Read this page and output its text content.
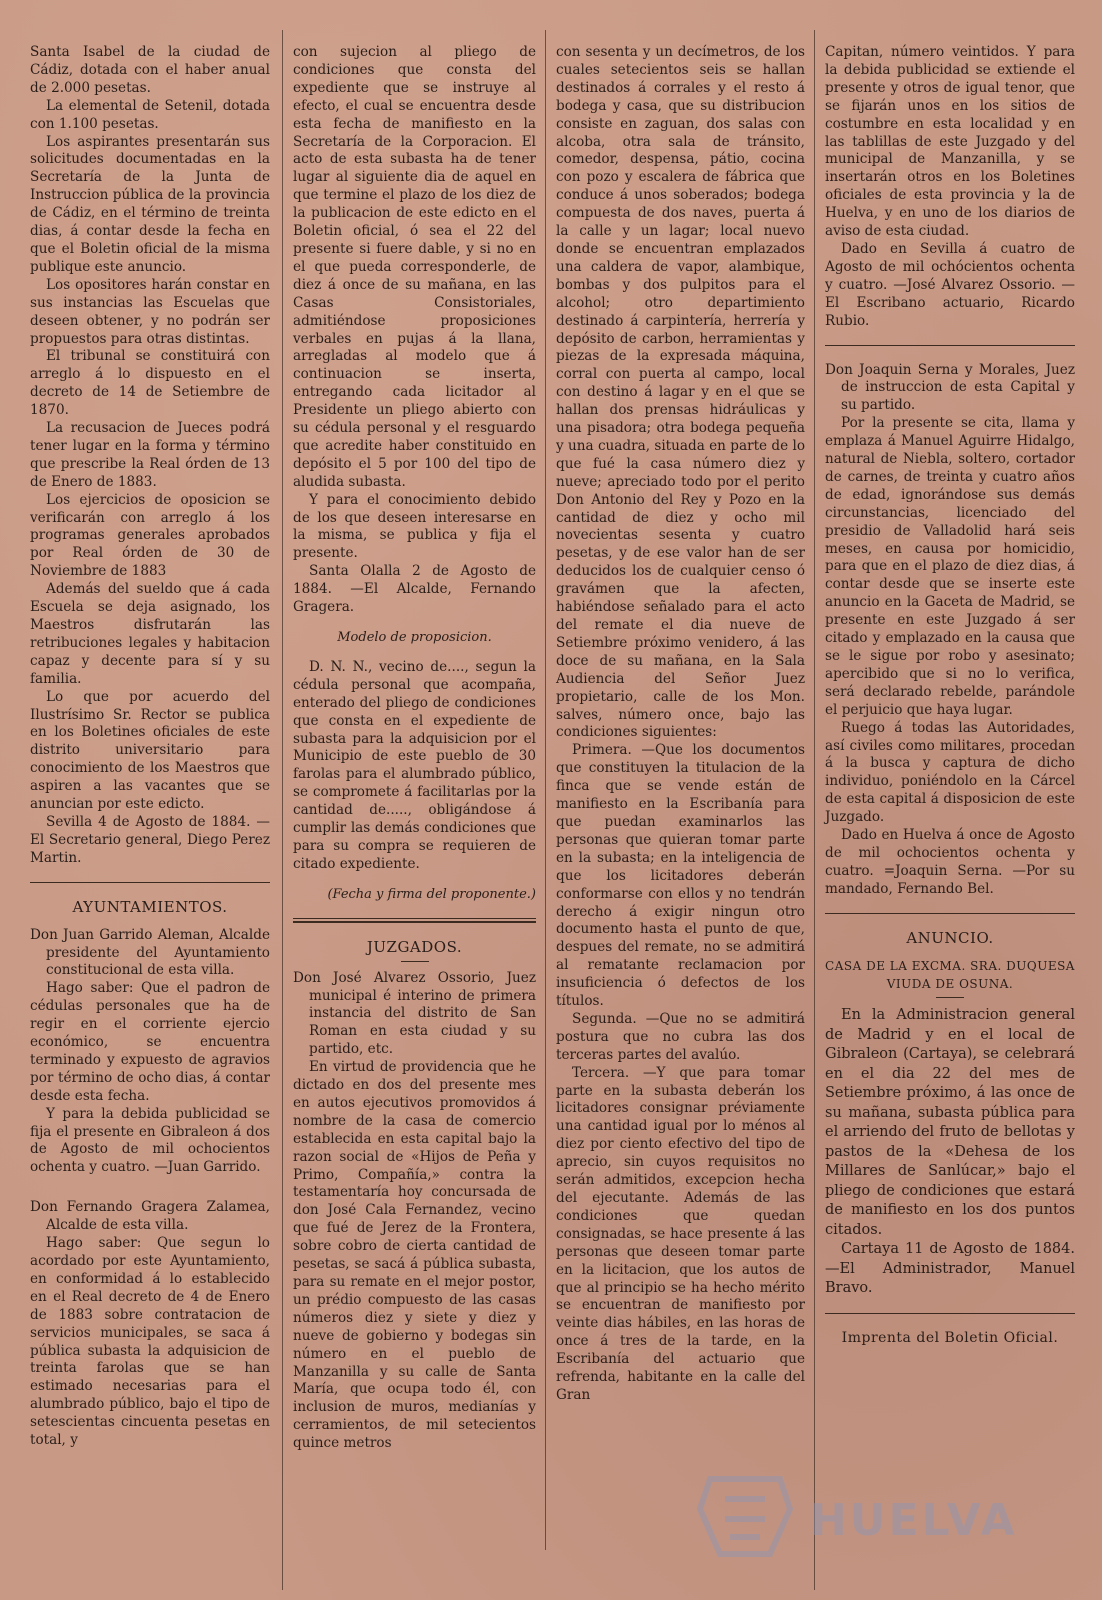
Santa Isabel de la ciudad de Cádiz, dotada con el haber anual de 2.000 pesetas.

La elemental de Setenil, dotada con 1.100 pesetas.

Los aspirantes presentarán sus solicitudes documentadas en la Secretaría de la Junta de Instruccion pública de la provincia de Cádiz, en el término de treinta dias, á contar desde la fecha en que el Boletin oficial de la misma publique este anuncio.

Los opositores harán constar en sus instancias las Escuelas que deseen obtener, y no podrán ser propuestos para otras distintas.

El tribunal se constituirá con arreglo á lo dispuesto en el decreto de 14 de Setiembre de 1870.

La recusacion de Jueces podrá tener lugar en la forma y término que prescribe la Real órden de 13 de Enero de 1883.

Los ejercicios de oposicion se verificarán con arreglo á los programas generales aprobados por Real órden de 30 de Noviembre de 1883

Además del sueldo que á cada Escuela se deja asignado, los Maestros disfrutarán las retribuciones legales y habitacion capaz y decente para sí y su familia.

Lo que por acuerdo del Ilustrísimo Sr. Rector se publica en los Boletines oficiales de este distrito universitario para conocimiento de los Maestros que aspiren a las vacantes que se anuncian por este edicto.

Sevilla 4 de Agosto de 1884. —El Secretario general, Diego Perez Martin.

AYUNTAMIENTOS.

Don Juan Garrido Aleman, Alcalde presidente del Ayuntamiento constitucional de esta villa.

Hago saber: Que el padron de cédulas personales que ha de regir en el corriente ejercio económico, se encuentra terminado y expuesto de agravios por término de ocho dias, á contar desde esta fecha.

Y para la debida publicidad se fija el presente en Gibraleon á dos de Agosto de mil ochocientos ochenta y cuatro. —Juan Garrido.

Don Fernando Gragera Zalamea, Alcalde de esta villa.

Hago saber: Que segun lo acordado por este Ayuntamiento, en conformidad á lo establecido en el Real decreto de 4 de Enero de 1883 sobre contratacion de servicios municipales, se saca á pública subasta la adquisicion de treinta farolas que se han estimado necesarias para el alumbrado público, bajo el tipo de setescientas cincuenta pesetas en total, y

con sujecion al pliego de condiciones que consta del expediente que se instruye al efecto, el cual se encuentra desde esta fecha de manifiesto en la Secretaría de la Corporacion. El acto de esta subasta ha de tener lugar al siguiente dia de aquel en que termine el plazo de los diez de la publicacion de este edicto en el Boletin oficial, ó sea el 22 del presente si fuere dable, y si no en el que pueda corresponderle, de diez á once de su mañana, en las Casas Consistoriales, admitiéndose proposiciones verbales en pujas á la llana, arregladas al modelo que á continuacion se inserta, entregando cada licitador al Presidente un pliego abierto con su cédula personal y el resguardo que acredite haber constituido en depósito el 5 por 100 del tipo de aludida subasta.

Y para el conocimiento debido de los que deseen interesarse en la misma, se publica y fija el presente.

Santa Olalla 2 de Agosto de 1884. —El Alcalde, Fernando Gragera.

Modelo de proposicion.

D. N. N., vecino de...., segun la cédula personal que acompaña, enterado del pliego de condiciones que consta en el expediente de subasta para la adquisicion por el Municipio de este pueblo de 30 farolas para el alumbrado público, se compromete á facilitarlas por la cantidad de....., obligándose á cumplir las demás condiciones que para su compra se requieren de citado expediente.

(Fecha y firma del proponente.)

JUZGADOS.

Don José Alvarez Ossorio, Juez municipal é interino de primera instancia del distrito de San Roman en esta ciudad y su partido, etc.

En virtud de providencia que he dictado en dos del presente mes en autos ejecutivos promovidos á nombre de la casa de comercio establecida en esta capital bajo la razon social de «Hijos de Peña y Primo, Compañía,» contra la testamentaría hoy concursada de don José Cala Fernandez, vecino que fué de Jerez de la Frontera, sobre cobro de cierta cantidad de pesetas, se sacá á pública subasta, para su remate en el mejor postor, un prédio compuesto de las casas números diez y siete y diez y nueve de gobierno y bodegas sin número en el pueblo de Manzanilla y su calle de Santa María, que ocupa todo él, con inclusion de muros, medianías y cerramientos, de mil setecientos quince metros

con sesenta y un decímetros, de los cuales setecientos seis se hallan destinados á corrales y el resto á bodega y casa, que su distribucion consiste en zaguan, dos salas con alcoba, otra sala de tránsito, comedor, despensa, pátio, cocina con pozo y escalera de fábrica que conduce á unos soberados; bodega compuesta de dos naves, puerta á la calle y un lagar; local nuevo donde se encuentran emplazados una caldera de vapor, alambique, bombas y dos pulpitos para el alcohol; otro departimiento destinado á carpintería, herrería y depósito de carbon, herramientas y piezas de la expresada máquina, corral con puerta al campo, local con destino á lagar y en el que se hallan dos prensas hidráulicas y una pisadora; otra bodega pequeña y una cuadra, situada en parte de lo que fué la casa número diez y nueve; apreciado todo por el perito Don Antonio del Rey y Pozo en la cantidad de diez y ocho mil novecientas sesenta y cuatro pesetas, y de ese valor han de ser deducidos los de cualquier censo ó gravámen que la afecten, habiéndose señalado para el acto del remate el dia nueve de Setiembre próximo venidero, á las doce de su mañana, en la Sala Audiencia del Señor Juez propietario, calle de los Mon. salves, número once, bajo las condiciones siguientes:

Primera. —Que los documentos que constituyen la titulacion de la finca que se vende están de manifiesto en la Escribanía para que puedan examinarlos las personas que quieran tomar parte en la subasta; en la inteligencia de que los licitadores deberán conformarse con ellos y no tendrán derecho á exigir ningun otro documento hasta el punto de que, despues del remate, no se admitirá al rematante reclamacion por insuficiencia ó defectos de los títulos.

Segunda. —Que no se admitirá postura que no cubra las dos terceras partes del avalúo.

Tercera. —Y que para tomar parte en la subasta deberán los licitadores consignar préviamente una cantidad igual por lo ménos al diez por ciento efectivo del tipo de aprecio, sin cuyos requisitos no serán admitidos, excepcion hecha del ejecutante. Además de las condiciones que quedan consignadas, se hace presente á las personas que deseen tomar parte en la licitacion, que los autos de que al principio se ha hecho mérito se encuentran de manifiesto por veinte dias hábiles, en las horas de once á tres de la tarde, en la Escribanía del actuario que refrenda, habitante en la calle del Gran

Capitan, número veintidos. Y para la debida publicidad se extiende el presente y otros de igual tenor, que se fijarán unos en los sitios de costumbre en esta localidad y en las tablillas de este Juzgado y del municipal de Manzanilla, y se insertarán otros en los Boletines oficiales de esta provincia y la de Huelva, y en uno de los diarios de aviso de esta ciudad.

Dado en Sevilla á cuatro de Agosto de mil ochócientos ochenta y cuatro. —José Alvarez Ossorio. —El Escribano actuario, Ricardo Rubio.

Don Joaquin Serna y Morales, Juez de instruccion de esta Capital y su partido.

Por la presente se cita, llama y emplaza á Manuel Aguirre Hidalgo, natural de Niebla, soltero, cortador de carnes, de treinta y cuatro años de edad, ignorándose sus demás circunstancias, licenciado del presidio de Valladolid hará seis meses, en causa por homicidio, para que en el plazo de diez dias, á contar desde que se inserte este anuncio en la Gaceta de Madrid, se presente en este Juzgado á ser citado y emplazado en la causa que se le sigue por robo y asesinato; apercibido que si no lo verifica, será declarado rebelde, parándole el perjuicio que haya lugar.

Ruego á todas las Autoridades, así civiles como militares, procedan á la busca y captura de dicho individuo, poniéndolo en la Cárcel de esta capital á disposicion de este Juzgado.

Dado en Huelva á once de Agosto de mil ochocientos ochenta y cuatro. =Joaquin Serna. —Por su mandado, Fernando Bel.

ANUNCIO.

CASA DE LA EXCMA. SRA. DUQUESA VIUDA DE OSUNA.

En la Administracion general de Madrid y en el local de Gibraleon (Cartaya), se celebrará en el dia 22 del mes de Setiembre próximo, á las once de su mañana, subasta pública para el arriendo del fruto de bellotas y pastos de la «Dehesa de los Millares de Sanlúcar,» bajo el pliego de condiciones que estará de manifiesto en los dos puntos citados.

Cartaya 11 de Agosto de 1884. —El Administrador, Manuel Bravo.

Imprenta del Boletin Oficial.

HUELVA
